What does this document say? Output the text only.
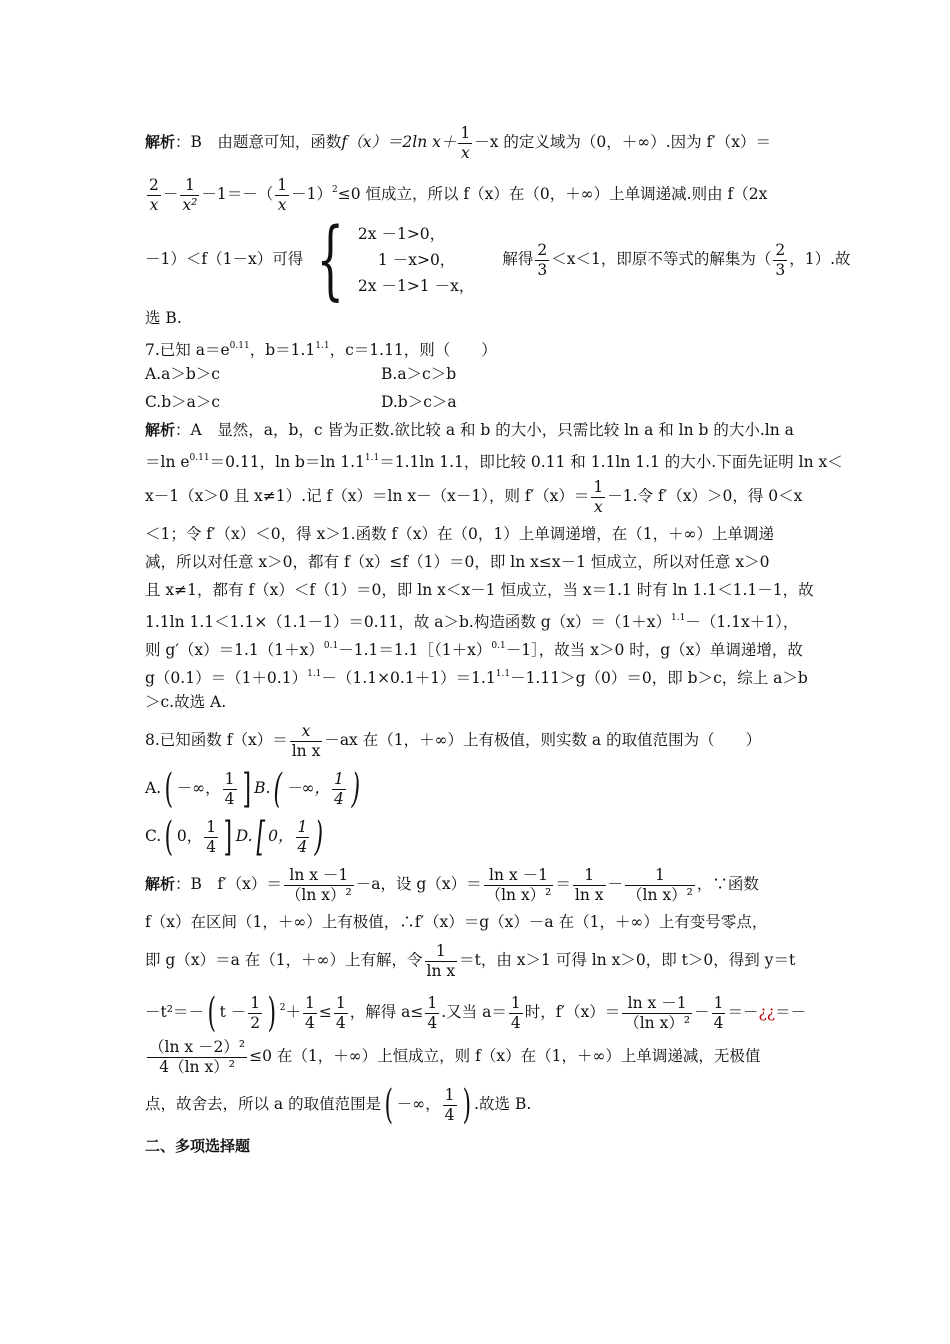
解析：B　由题意可知，函数f（x）＝2ln $x+ \frac{1}{x} -x$ 的定义域为（0，＋∞）.因为 f′（x）＝
$\frac{2}{x} - \frac{1}{\text{x²}} -1=-( \frac{1}{x} -1)^2\le 0$ 恒成立，所以 f（x）在（0，＋∞）上单调递减.则由 f（2x
－1）＜f（1－x）可得 { 2x －1>0，
1 －x>0，
2x －1>1 －x，
解得 $\frac{2}{3} <x<1$，即原不等式的解集为（ $\frac{2}{3}$ ，1）.故
选 B.
7.已知 $a=e^{0.11}$，$b=1.1^{1.1}$，c＝1.11，则（　　）
A.a＞b＞c	B.a＞c＞b
C.b＞a＞c	D.b＞c＞a
解析：A　显然，a，b，c 皆为正数.欲比较 a 和 b 的大小，只需比较 ln a 和 ln b 的大小.ln a
＝ln $e^{0.11}=0.11$，ln b＝ln $1.1^{1.1}=1.1\ln$ 1.1，即比较 0.11 和 1.1ln 1.1 的大小.下面先证明 ln x＜
x－1（x＞0 且 x≠1）.记 f（x）＝ln x－（x－1），则 $f'(x)= \frac{1}{x} -1$.令 f′（x）＞0，得 0＜x
＜1；令 f′（x）＜0，得 x＞1.函数 f（x）在（0，1）上单调递增，在（1，＋∞）上单调递
减，所以对任意 x＞0，都有 f（x）≤f（1）＝0，即 ln x≤x－1 恒成立，所以对任意 x＞0
且 x≠1，都有 f（x）＜f（1）＝0，即 ln x＜x－1 恒成立，当 x＝1.1 时有 ln 1.1＜1.1－1，故
1.1ln 1.1＜1.1×（1.1－1）＝0.11，故 a＞b.构造函数 $g(x)=(1+x)^{1.1}-(1.1x+1)$，
则 $g'(x)=1.1(1+x)^{0.1}-1.1=1.1[(1+x)^{0.1}-1]$，故当 x＞0 时，g（x）单调递增，故
$g(0.1)=(1+0.1)^{1.1}-(1.1\times 0.1+1)=1.1^{1.1}-1.11>g(0)=0$，即 b＞c，综上 a＞b
＞c.故选 A.
8.已知函数 $f(x)= \frac{x}{\text{ln x}} -ax$ 在（1，＋∞）上有极值，则实数 a 的取值范围为（　　）
A.( －∞， $\frac{1}{4}$ ] B.( －∞， $\frac{1}{4}$ )
C.( 0， $\frac{1}{4}$ ] D.[ 0， $\frac{1}{4}$ )
解析：B　$f'(x)= \frac{\text{ln x －1}}{\text{（ln x）²}} -a$，设 $g(x)= \frac{\text{ln x －1}}{\text{（ln x）²}} = \frac{1}{\text{ln x}} - \frac{1}{\text{（ln x）²}}$ ，∵函数
f（x）在区间（1，＋∞）上有极值，∴f′（x）＝g（x）－a 在（1，＋∞）上有变号零点，
即 g（x）＝a 在（1，＋∞）上有解，令 $\frac{1}{\text{ln x}} =t$，由 x＞1 可得 ln x＞0，即 t＞0，得到 y＝t
－t²＝－( $t - \frac{1}{2}$ ) $^2+ \frac{1}{4} \le \frac{1}{4}$ ，解得 $a\le \frac{1}{4}$ .又当 $a= \frac{1}{4}$ 时，$f'(x)= \frac{\text{ln x －1}}{\text{（ln x）²}} - \frac{1}{4}$ ＝－¿¿＝－
$\frac{\text{（ln x －2）²}}{\text{4（ln x）²}} \le 0$ 在（1，＋∞）上恒成立，则 f（x）在（1，＋∞）上单调递减，无极值
点，故舍去，所以 a 的取值范围是( －∞， $\frac{1}{4}$ ) .故选 B.
二、多项选择题
